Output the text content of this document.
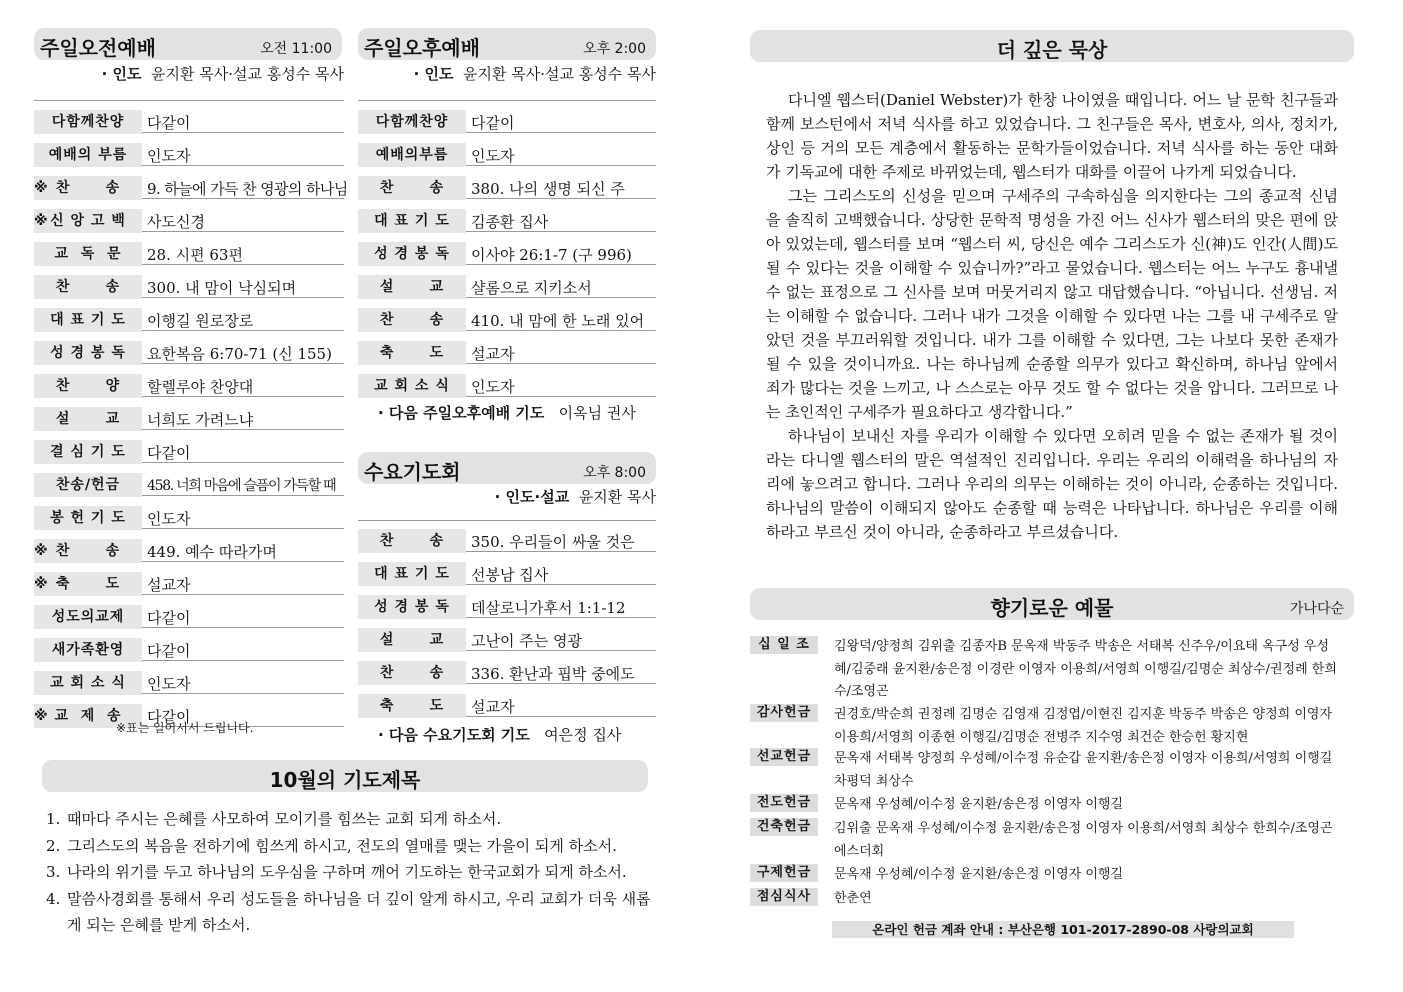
주일오전예배	오전 11:00
· 인도 윤지환 목사·설교 홍성수 목사
다함께찬양	다같이
예배의 부름	인도자
※ 찬      송	9. 하늘에 가득 찬 영광의 하나님
※ 신 앙 고 백	사도신경
교  독  문	28. 시편 63편
찬      송	300. 내 맘이 낙심되며
대 표 기 도	이행길 원로장로
성 경 봉 독	요한복음 6:70-71 (신 155)
찬      양	할렐루야 찬양대
설      교	너희도 가려느냐
결 심 기 도	다같이
찬송/헌금	458. 너희 마음에 슬픔이 가득할 때
봉 헌 기 도	인도자
※ 찬      송	449. 예수 따라가며
※ 축      도	설교자
성도의교제	다같이
새가족환영	다같이
교 회 소 식	인도자
※ 교  제  송	다같이
※표는 일어서서 드립니다.
주일오후예배	오후 2:00
· 인도 윤지환 목사·설교 홍성수 목사
다함께찬양	다같이
예배의부름	인도자
찬      송	380. 나의 생명 되신 주
대 표 기 도	김종환 집사
성 경 봉 독	이사야 26:1-7 (구 996)
설      교	샬롬으로 지키소서
찬      송	410. 내 맘에 한 노래 있어
축      도	설교자
교 회 소 식	인도자
· 다음 주일오후예배 기도 이옥님 권사
수요기도회	오후 8:00
· 인도·설교 윤지환 목사
찬      송	350. 우리들이 싸울 것은
대 표 기 도	선봉남 집사
성 경 봉 독	데살로니가후서 1:1-12
설      교	고난이 주는 영광
찬      송	336. 환난과 핍박 중에도
축      도	설교자
· 다음 수요기도회 기도 여은정 집사
10월의 기도제목
1. 때마다 주시는 은혜를 사모하여 모이기를 힘쓰는 교회 되게 하소서.
2. 그리스도의 복음을 전하기에 힘쓰게 하시고, 전도의 열매를 맺는 가을이 되게 하소서.
3. 나라의 위기를 두고 하나님의 도우심을 구하며 깨어 기도하는 한국교회가 되게 하소서.
4. 말씀사경회를 통해서 우리 성도들을 하나님을 더 깊이 알게 하시고, 우리 교회가 더욱 새롭게 되는 은혜를 받게 하소서.
더 깊은 묵상

다니엘 웹스터(Daniel Webster)가 한창 나이였을 때입니다. 어느 날 문학 친구들과 함께 보스턴에서 저녁 식사를 하고 있었습니다. 그 친구들은 목사, 변호사, 의사, 정치가, 상인 등 거의 모든 계층에서 활동하는 문학가들이었습니다. 저녁 식사를 하는 동안 대화가 기독교에 대한 주제로 바뀌었는데, 웹스터가 대화를 이끌어 나가게 되었습니다.

그는 그리스도의 신성을 믿으며 구세주의 구속하심을 의지한다는 그의 종교적 신념을 솔직히 고백했습니다. 상당한 문학적 명성을 가진 어느 신사가 웹스터의 맞은 편에 앉아 있었는데, 웹스터를 보며 “웹스터 씨, 당신은 예수 그리스도가 신(神)도 인간(人間)도 될 수 있다는 것을 이해할 수 있습니까?”라고 물었습니다. 웹스터는 어느 누구도 흉내낼 수 없는 표정으로 그 신사를 보며 머뭇거리지 않고 대답했습니다. “아닙니다. 선생님. 저는 이해할 수 없습니다. 그러나 내가 그것을 이해할 수 있다면 나는 그를 내 구세주로 알았던 것을 부끄러워할 것입니다. 내가 그를 이해할 수 있다면, 그는 나보다 못한 존재가 될 수 있을 것이니까요. 나는 하나님께 순종할 의무가 있다고 확신하며, 하나님 앞에서 죄가 많다는 것을 느끼고, 나 스스로는 아무 것도 할 수 없다는 것을 압니다. 그러므로 나는 초인적인 구세주가 필요하다고 생각합니다.”

하나님이 보내신 자를 우리가 이해할 수 있다면 오히려 믿을 수 없는 존재가 될 것이라는 다니엘 웹스터의 말은 역설적인 진리입니다. 우리는 우리의 이해력을 하나님의 자리에 놓으려고 합니다. 그러나 우리의 의무는 이해하는 것이 아니라, 순종하는 것입니다. 하나님의 말씀이 이해되지 않아도 순종할 때 능력은 나타납니다. 하나님은 우리를 이해하라고 부르신 것이 아니라, 순종하라고 부르셨습니다.

향기로운 예물	가나다순
십 일 조	김왕덕/양정희 김위출 김종자B 문옥재 박동주 박송은 서태복 신주우/이요태 옥구성 우성혜/김중래 윤지환/송은정 이경란 이영자 이용희/서영희 이행길/김명순 최상수/권정례 한희수/조영곤
감사헌금	권경호/박순희 권정례 김명순 김영재 김정엽/이현진 김지훈 박동주 박송은 양정희 이영자 이용희/서영희 이종현 이행길/김명순 전병주 지수영 최건순 한승헌 황지현
선교헌금	문옥재 서태복 양정희 우성혜/이수정 유순갑 윤지환/송은정 이영자 이용희/서영희 이행길 차평덕 최상수
전도헌금	문옥재 우성혜/이수정 윤지환/송은정 이영자 이행길
건축헌금	김위출 문옥재 우성혜/이수정 윤지환/송은정 이영자 이용희/서영희 최상수 한희수/조영곤 에스더회
구제헌금	문옥재 우성혜/이수정 윤지환/송은정 이영자 이행길
점심식사	한춘연
온라인 헌금 계좌 안내 : 부산은행 101-2017-2890-08 사랑의교회
